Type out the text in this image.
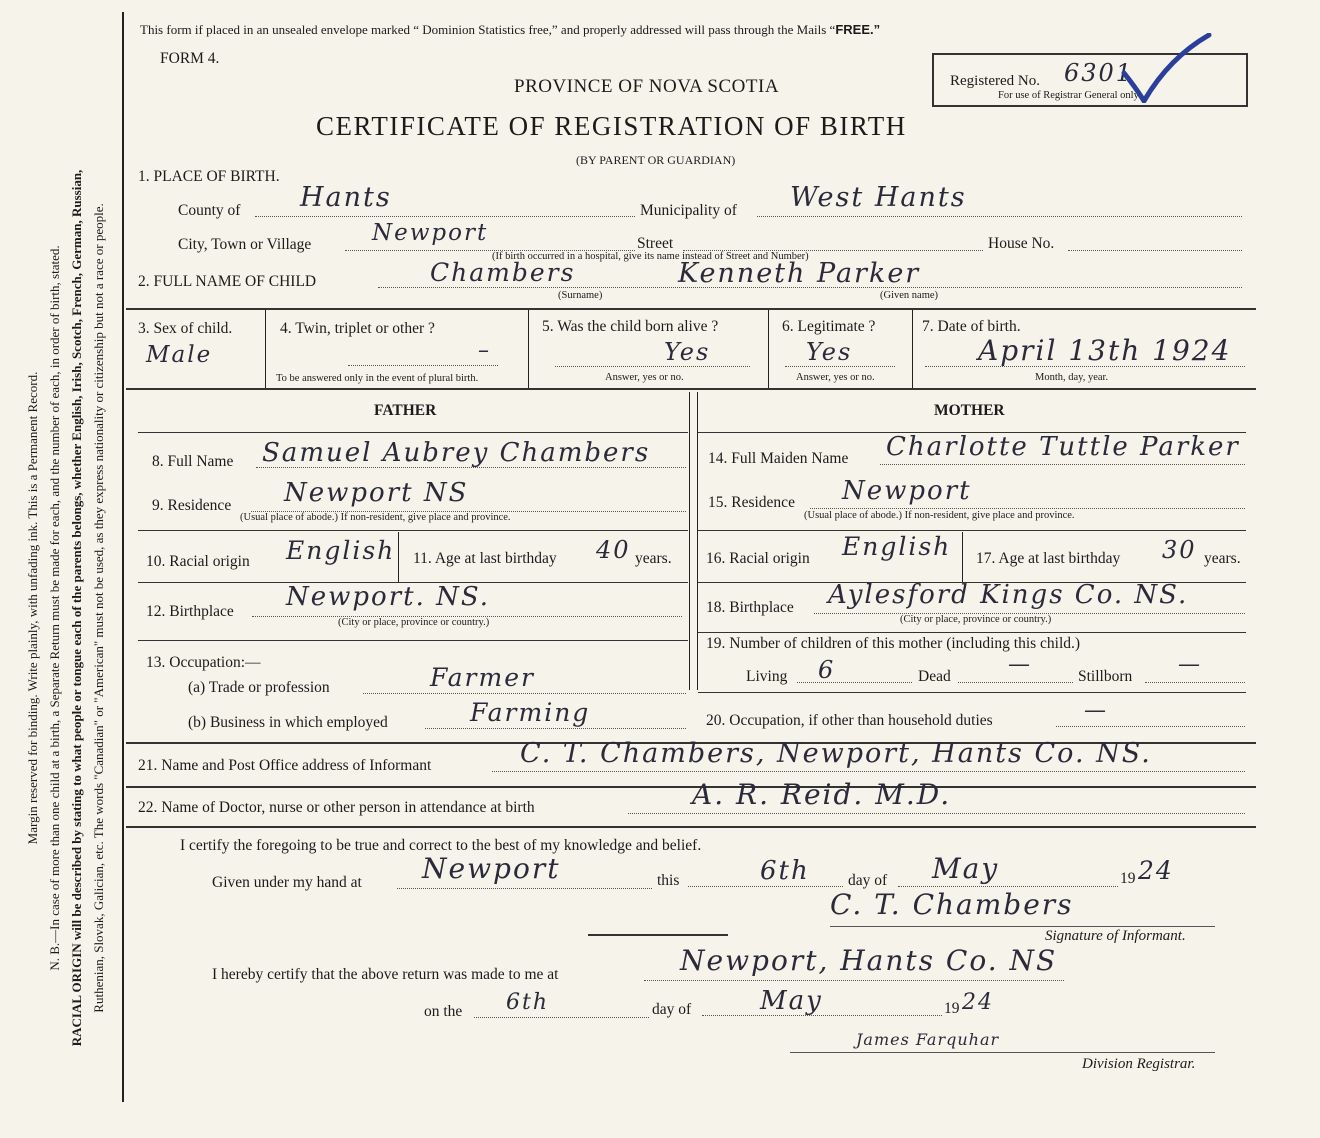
Margin reserved for binding. Write plainly, with unfading ink. This is a Permanent Record. N. B.—In case of more than one child at a birth, a Separate Return must be made for each, and the number of each, in order of birth, stated. RACIAL ORIGIN will be described by stating to what people or tongue each of the parents belongs, whether English, Irish, Scotch, French, German, Russian, Ruthenian, Slovak, Galician, etc. The words "Canadian" or "American" must not be used, as they express nationality or citizenship but not a race or people.
This form if placed in an unsealed envelope marked “ Dominion Statistics free,” and properly addressed will pass through the Mails “FREE.”
FORM 4.
PROVINCE OF NOVA SCOTIA
CERTIFICATE OF REGISTRATION OF BIRTH
(BY PARENT OR GUARDIAN)
Registered No. 6301
For use of Registrar General only.
1. PLACE OF BIRTH.
County of Hants	Municipality of West Hants
City, Town or Village	Newport	Street	House No.
(If birth occurred in a hospital, give its name instead of Street and Number)
2. FULL NAME OF CHILD	Chambers	Kenneth Parker
(Surname)	(Given name)
3. Sex of child.
Male
4. Twin, triplet or other ?
–
To be answered only in the event of plural birth.
5. Was the child born alive ?
Yes
Answer, yes or no.
6. Legitimate ?
Yes
Answer, yes or no.
7. Date of birth.
April 13th 1924
Month, day, year.
FATHER
8. Full Name Samuel Aubrey Chambers
9. Residence Newport NS
(Usual place of abode.) If non-resident, give place and province.
10. Racial origin English 11. Age at last birthday 40 years.
12. Birthplace Newport. NS.
(City or place, province or country.)
13. Occupation:—
(a) Trade or profession	Farmer
(b) Business in which employed	Farming
MOTHER
14. Full Maiden Name Charlotte Tuttle Parker
15. Residence Newport
(Usual place of abode.) If non-resident, give place and province.
16. Racial origin English 17. Age at last birthday 30 years.
18. Birthplace Aylesford Kings Co. NS.
(City or place, province or country.)
19. Number of children of this mother (including this child.)
Living 6	Dead	—	Stillborn —
20. Occupation, if other than household duties	—
21. Name and Post Office address of Informant	C. T. Chambers, Newport, Hants Co. NS.
22. Name of Doctor, nurse or other person in attendance at birth	A. R. Reid. M.D.
I certify the foregoing to be true and correct to the best of my knowledge and belief.
Given under my hand at Newport	this	6th day of May	19 24
C. T. Chambers
Signature of Informant.
I hereby certify that the above return was made to me at	Newport, Hants Co. NS
on the 6th	day of	May	19 24
James Farquhar
Division Registrar.
